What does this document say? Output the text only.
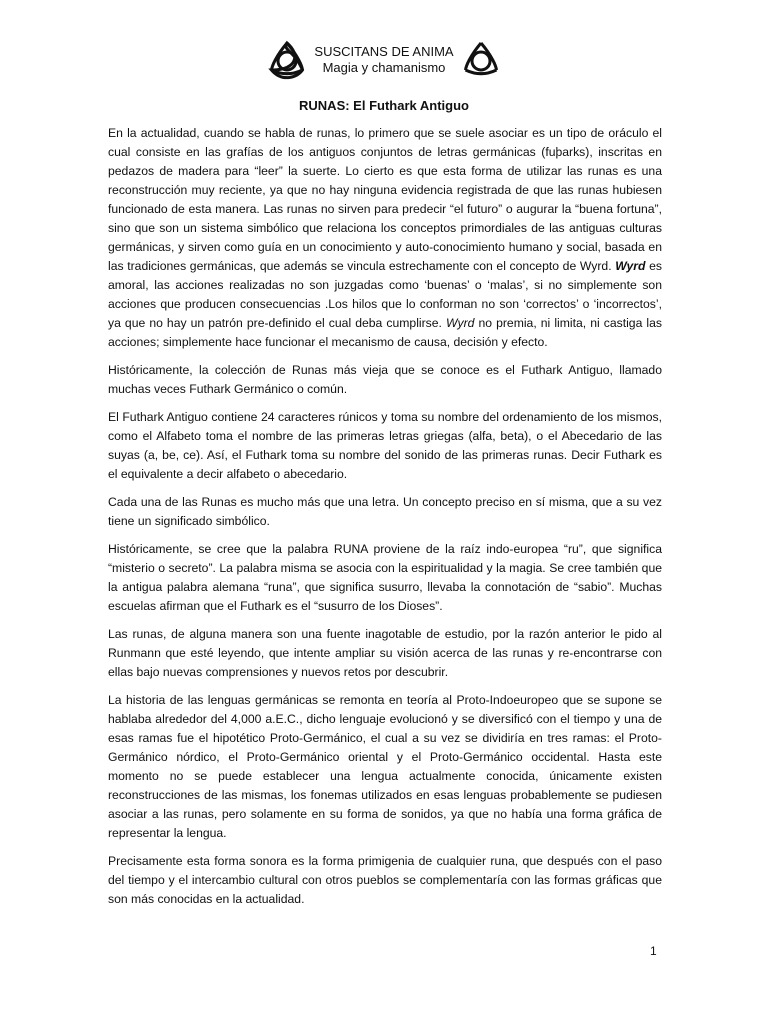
SUSCITANS DE ANIMA
Magia y chamanismo
RUNAS: El Futhark Antiguo

En la actualidad, cuando se habla de runas, lo primero que se suele asociar es un tipo de oráculo el cual consiste en las grafías de los antiguos conjuntos de letras germánicas (fuþarks), inscritas en pedazos de madera para “leer” la suerte. Lo cierto es que esta forma de utilizar las runas es una reconstrucción muy reciente, ya que no hay ninguna evidencia registrada de que las runas hubiesen funcionado de esta manera. Las runas no sirven para predecir “el futuro” o augurar la “buena fortuna”, sino que son un sistema simbólico que relaciona los conceptos primordiales de las antiguas culturas germánicas, y sirven como guía en un conocimiento y auto-conocimiento humano y social, basada en las tradiciones germánicas, que además se vincula estrechamente con el concepto de Wyrd. Wyrd es amoral, las acciones realizadas no son juzgadas como ‘buenas’ o ‘malas’, si no simplemente son acciones que producen consecuencias .Los hilos que lo conforman no son ‘correctos’ o ‘incorrectos’, ya que no hay un patrón pre-definido el cual deba cumplirse. Wyrd no premia, ni limita, ni castiga las acciones; simplemente hace funcionar el mecanismo de causa, decisión y efecto.

Históricamente, la colección de Runas más vieja que se conoce es el Futhark Antiguo, llamado muchas veces Futhark Germánico o común.

El Futhark Antiguo contiene 24 caracteres rúnicos y toma su nombre del ordenamiento de los mismos, como el Alfabeto toma el nombre de las primeras letras griegas (alfa, beta), o el Abecedario de las suyas (a, be, ce). Así, el Futhark toma su nombre del sonido de las primeras runas. Decir Futhark es el equivalente a decir alfabeto o abecedario.

Cada una de las Runas es mucho más que una letra. Un concepto preciso en sí misma, que a su vez tiene un significado simbólico.

Históricamente, se cree que la palabra RUNA proviene de la raíz indo-europea “ru”, que significa “misterio o secreto”. La palabra misma se asocia con la espiritualidad y la magia. Se cree también que la antigua palabra alemana “runa”, que significa susurro, llevaba la connotación de “sabio”. Muchas escuelas afirman que el Futhark es el “susurro de los Dioses”.

Las runas, de alguna manera son una fuente inagotable de estudio, por la razón anterior le pido al Runmann que esté leyendo, que intente ampliar su visión acerca de las runas y re-encontrarse con ellas bajo nuevas comprensiones y nuevos retos por descubrir.

La historia de las lenguas germánicas se remonta en teoría al Proto-Indoeuropeo que se supone se hablaba alrededor del 4,000 a.E.C., dicho lenguaje evolucionó y se diversificó con el tiempo y una de esas ramas fue el hipotético Proto-Germánico, el cual a su vez se dividiría en tres ramas: el Proto-Germánico nórdico, el Proto-Germánico oriental y el Proto-Germánico occidental. Hasta este momento no se puede establecer una lengua actualmente conocida, únicamente existen reconstrucciones de las mismas, los fonemas utilizados en esas lenguas probablemente se pudiesen asociar a las runas, pero solamente en su forma de sonidos, ya que no había una forma gráfica de representar la lengua.

Precisamente esta forma sonora es la forma primigenia de cualquier runa, que después con el paso del tiempo y el intercambio cultural con otros pueblos se complementaría con las formas gráficas que son más conocidas en la actualidad.

1
